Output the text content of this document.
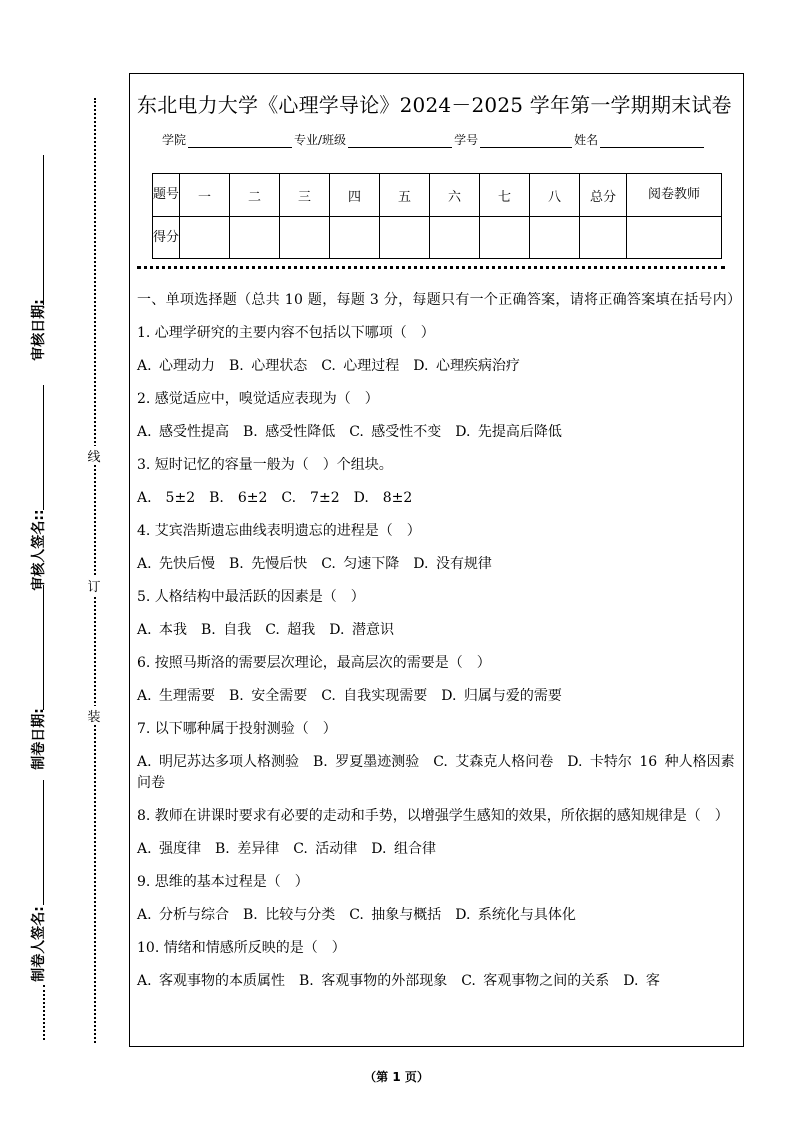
审核日期:
审核人签名::
制卷日期:
制卷人签名:
线
订
装
东北电力大学《心理学导论》2024－2025 学年第一学期期末试卷
学院	专业/班级	学号	姓名
题号	一	二	三	四	五	六	七	八	总分	阅卷教师
得分										

一、单项选择题（总共 10 题，每题 3 分，每题只有一个正确答案，请将正确答案填在括号内）

1. 心理学研究的主要内容不包括以下哪项（　）

A. 心理动力　B. 心理状态　C. 心理过程　D. 心理疾病治疗

2. 感觉适应中，嗅觉适应表现为（　）

A. 感受性提高　B. 感受性降低　C. 感受性不变　D. 先提高后降低

3. 短时记忆的容量一般为（　）个组块。

A.　5±2　B.　6±2　C.　7±2　D.　8±2

4. 艾宾浩斯遗忘曲线表明遗忘的进程是（　）

A. 先快后慢　B. 先慢后快　C. 匀速下降　D. 没有规律

5. 人格结构中最活跃的因素是（　）

A. 本我　B. 自我　C. 超我　D. 潜意识

6. 按照马斯洛的需要层次理论，最高层次的需要是（　）

A. 生理需要　B. 安全需要　C. 自我实现需要　D. 归属与爱的需要

7. 以下哪种属于投射测验（　）

A. 明尼苏达多项人格测验　B. 罗夏墨迹测验　C. 艾森克人格问卷　D. 卡特尔 16 种人格因素问卷

8. 教师在讲课时要求有必要的走动和手势，以增强学生感知的效果，所依据的感知规律是（　）

A. 强度律　B. 差异律　C. 活动律　D. 组合律

9. 思维的基本过程是（　）

A. 分析与综合　B. 比较与分类　C. 抽象与概括　D. 系统化与具体化

10. 情绪和情感所反映的是（　）

A. 客观事物的本质属性　B. 客观事物的外部现象　C. 客观事物之间的关系　D. 客

（第 1 页）
